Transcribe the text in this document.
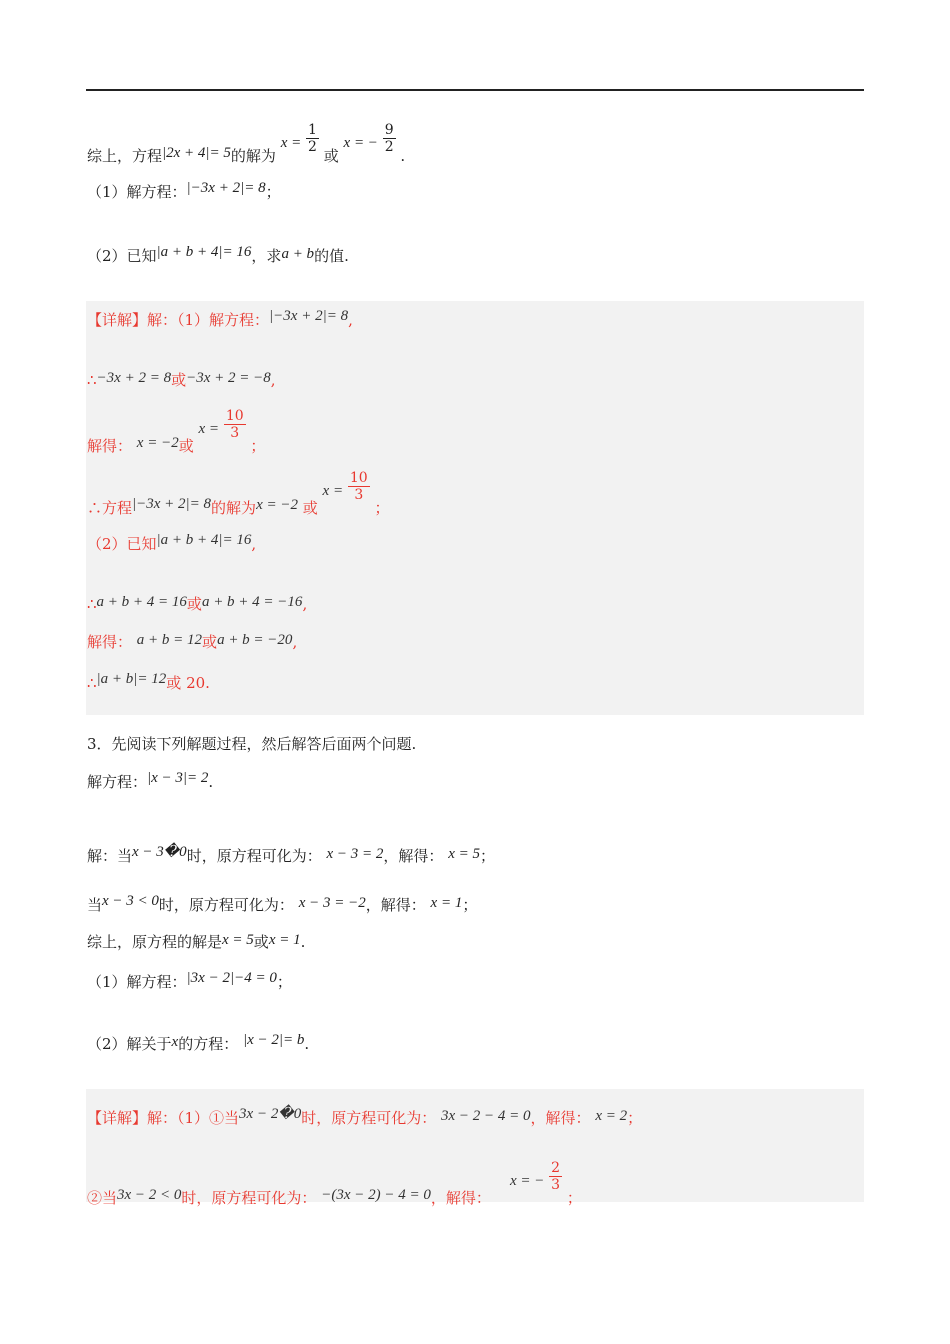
综上，方程|2x + 4|= 5的解为 $x = \frac{1}{2}$
或 x = − $\frac{9}{2}$
.
（1）解方程：|−3x + 2|= 8；
（2）已知|a + b + 4|= 16，求a + b的值.
【详解】解：（1）解方程：|−3x + 2|= 8,
∴−3x + 2 = 8或−3x + 2 = −8,
解得： x = −2或 $x = \frac{10}{3}$
；
∴方程|−3x + 2|= 8的解为x = −2 或 $x = \frac{10}{3}$
；
（2）已知|a + b + 4|= 16,
∴a + b + 4 = 16或a + b + 4 = −16,
解得： a + b = 12或a + b = −20,
∴|a + b|= 12或 20.
3．先阅读下列解题过程，然后解答后面两个问题.
解方程：|x − 3|= 2.
解：当x − 3�0时，原方程可化为： x − 3 = 2，解得： x = 5；
当x − 3 < 0时，原方程可化为： x − 3 = −2，解得： x = 1；
综上，原方程的解是x = 5或x = 1.
（1）解方程：|3x − 2|−4 = 0；
（2）解关于x的方程： |x − 2|= b.
【详解】解：（1）①当3x − 2�0时，原方程可化为： 3x − 2 − 4 = 0，解得： x = 2；
②当3x − 2 < 0时，原方程可化为： −(3x − 2) − 4 = 0，解得：    x = − $\frac{2}{3}$
；
